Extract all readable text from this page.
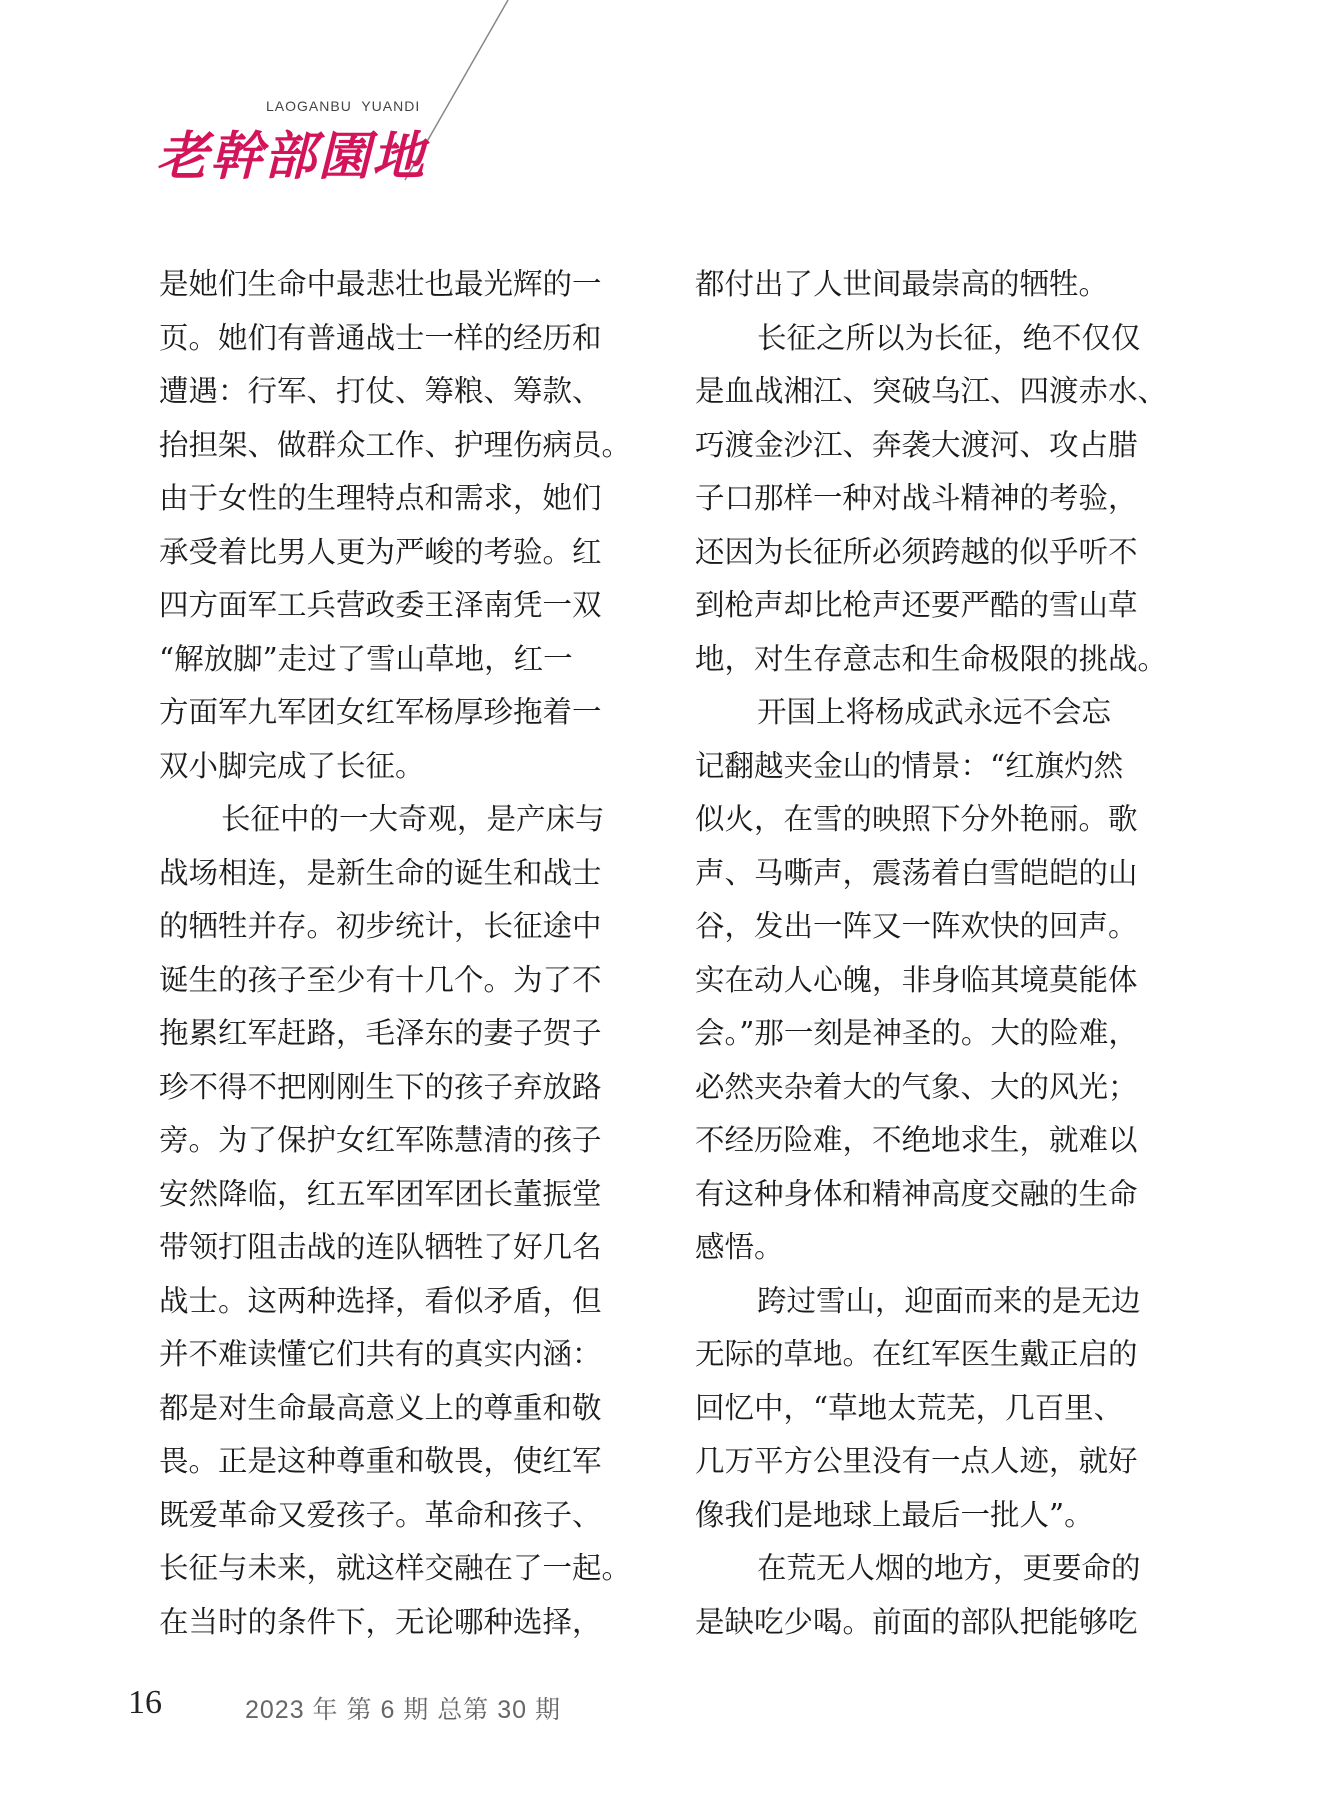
LAOGANBU  YUANDI
老幹部園地
是她们生命中最悲壮也最光辉的一
页。她们有普通战士一样的经历和
遭遇：行军、打仗、筹粮、筹款、
抬担架、做群众工作、护理伤病员。
由于女性的生理特点和需求，她们
承受着比男人更为严峻的考验。红
四方面军工兵营政委王泽南凭一双
“解放脚”走过了雪山草地，红一
方面军九军团女红军杨厚珍拖着一
双小脚完成了长征。
长征中的一大奇观，是产床与
战场相连，是新生命的诞生和战士
的牺牲并存。初步统计，长征途中
诞生的孩子至少有十几个。为了不
拖累红军赶路，毛泽东的妻子贺子
珍不得不把刚刚生下的孩子弃放路
旁。为了保护女红军陈慧清的孩子
安然降临，红五军团军团长董振堂
带领打阻击战的连队牺牲了好几名
战士。这两种选择，看似矛盾，但
并不难读懂它们共有的真实内涵：
都是对生命最高意义上的尊重和敬
畏。正是这种尊重和敬畏，使红军
既爱革命又爱孩子。革命和孩子、
长征与未来，就这样交融在了一起。
在当时的条件下，无论哪种选择，
都付出了人世间最崇高的牺牲。
长征之所以为长征，绝不仅仅
是血战湘江、突破乌江、四渡赤水、
巧渡金沙江、奔袭大渡河、攻占腊
子口那样一种对战斗精神的考验，
还因为长征所必须跨越的似乎听不
到枪声却比枪声还要严酷的雪山草
地，对生存意志和生命极限的挑战。
开国上将杨成武永远不会忘
记翻越夹金山的情景：“红旗灼然
似火，在雪的映照下分外艳丽。歌
声、马嘶声，震荡着白雪皑皑的山
谷，发出一阵又一阵欢快的回声。
实在动人心魄，非身临其境莫能体
会。”那一刻是神圣的。大的险难，
必然夹杂着大的气象、大的风光；
不经历险难，不绝地求生，就难以
有这种身体和精神高度交融的生命
感悟。
跨过雪山，迎面而来的是无边
无际的草地。在红军医生戴正启的
回忆中，“草地太荒芜，几百里、
几万平方公里没有一点人迹，就好
像我们是地球上最后一批人”。
在荒无人烟的地方，更要命的
是缺吃少喝。前面的部队把能够吃
16	2023 年 第 6 期 总第 30 期
